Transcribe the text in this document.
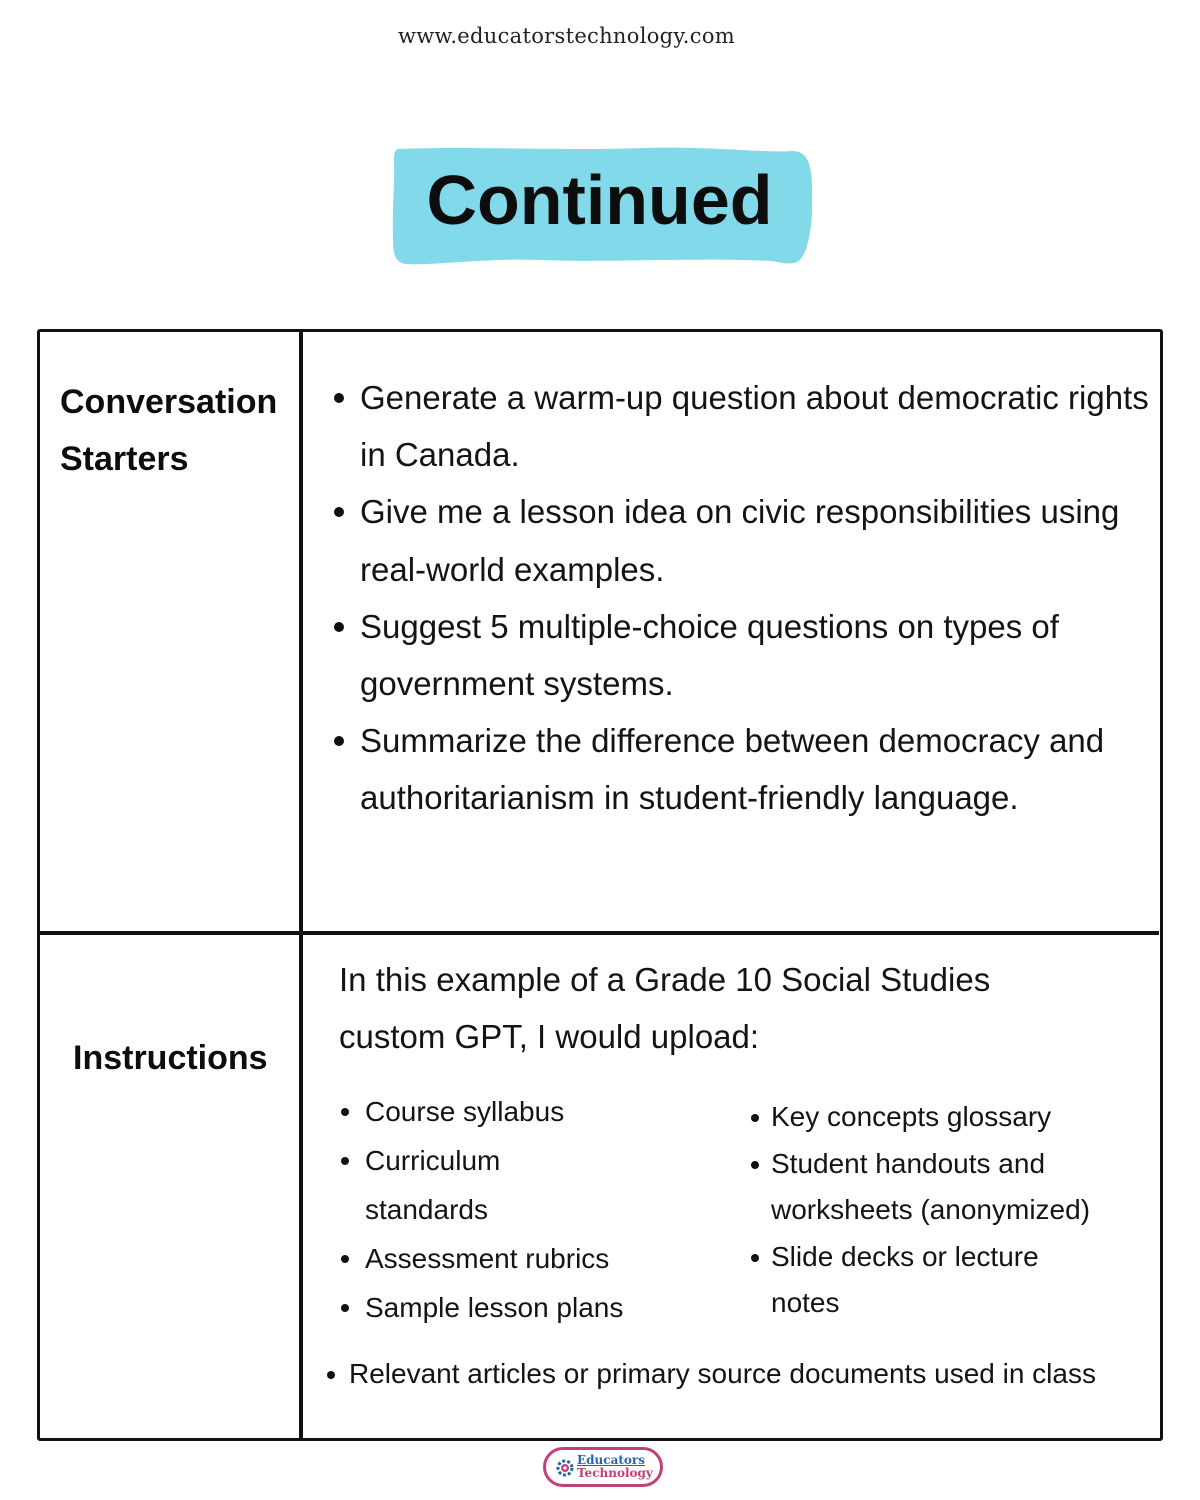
www.educatorstechnology.com
Continued
Conversation
Starters
Generate a warm-up question about democratic rights in Canada.
Give me a lesson idea on civic responsibilities using real-world examples.
Suggest 5 multiple-choice questions on types of government systems.
Summarize the difference between democracy and authoritarianism in student-friendly language.
Instructions
In this example of a Grade 10 Social Studies
custom GPT, I would upload:
Course syllabus
Curriculum standards
Assessment rubrics
Sample lesson plans
Key concepts glossary
Student handouts and worksheets (anonymized)
Slide decks or lecture notes
Relevant articles or primary source documents used in class
Educators
Technology
